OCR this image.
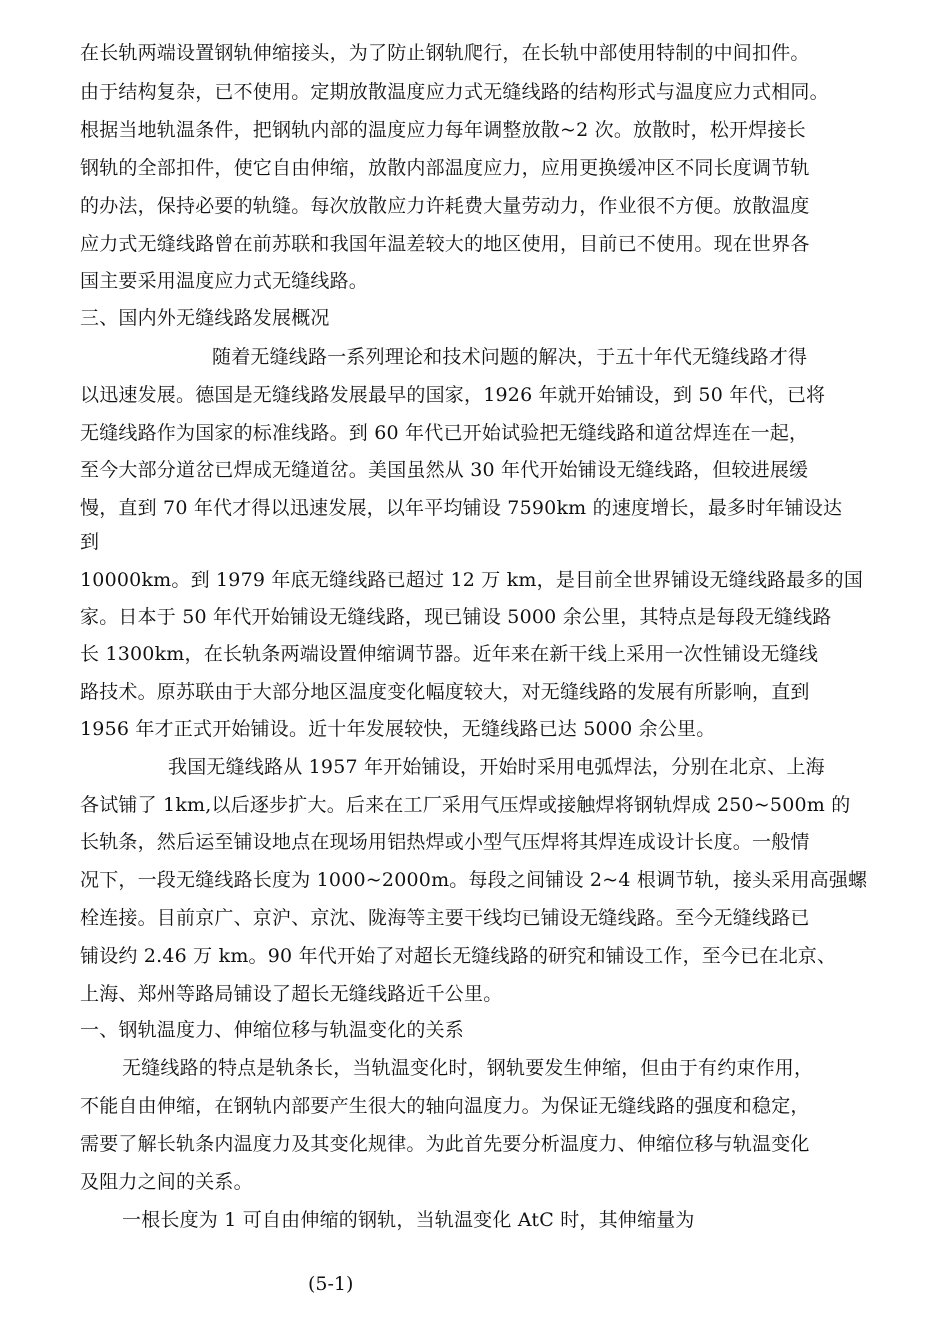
在长轨两端设置钢轨伸缩接头，为了防止钢轨爬行，在长轨中部使用特制的中间扣件。
由于结构复杂，已不使用。定期放散温度应力式无缝线路的结构形式与温度应力式相同。
根据当地轨温条件，把钢轨内部的温度应力每年调整放散~2 次。放散时，松开焊接长
钢轨的全部扣件，使它自由伸缩，放散内部温度应力，应用更换缓冲区不同长度调节轨
的办法，保持必要的轨缝。每次放散应力许耗费大量劳动力，作业很不方便。放散温度
应力式无缝线路曾在前苏联和我国年温差较大的地区使用，目前已不使用。现在世界各
国主要采用温度应力式无缝线路。
三、国内外无缝线路发展概况
随着无缝线路一系列理论和技术问题的解决，于五十年代无缝线路才得
以迅速发展。德国是无缝线路发展最早的国家，1926 年就开始铺设，到 50 年代，已将
无缝线路作为国家的标准线路。到 60 年代已开始试验把无缝线路和道岔焊连在一起，
至今大部分道岔已焊成无缝道岔。美国虽然从 30 年代开始铺设无缝线路，但较进展缓
慢，直到 70 年代才得以迅速发展，以年平均铺设 7590km 的速度增长，最多时年铺设达
到
10000km。到 1979 年底无缝线路已超过 12 万 km，是目前全世界铺设无缝线路最多的国
家。日本于 50 年代开始铺设无缝线路，现已铺设 5000 余公里，其特点是每段无缝线路
长 1300km，在长轨条两端设置伸缩调节器。近年来在新干线上采用一次性铺设无缝线
路技术。原苏联由于大部分地区温度变化幅度较大，对无缝线路的发展有所影响，直到
1956 年才正式开始铺设。近十年发展较快，无缝线路已达 5000 余公里。
我国无缝线路从 1957 年开始铺设，开始时采用电弧焊法，分别在北京、上海
各试铺了 1km,以后逐步扩大。后来在工厂采用气压焊或接触焊将钢轨焊成 250~500m 的
长轨条，然后运至铺设地点在现场用铝热焊或小型气压焊将其焊连成设计长度。一般情
况下，一段无缝线路长度为 1000~2000m。每段之间铺设 2~4 根调节轨，接头采用高强螺
栓连接。目前京广、京沪、京沈、陇海等主要干线均已铺设无缝线路。至今无缝线路已
铺设约 2.46 万 km。90 年代开始了对超长无缝线路的研究和铺设工作，至今已在北京、
上海、郑州等路局铺设了超长无缝线路近千公里。
一、钢轨温度力、伸缩位移与轨温变化的关系
无缝线路的特点是轨条长，当轨温变化时，钢轨要发生伸缩，但由于有约束作用，
不能自由伸缩，在钢轨内部要产生很大的轴向温度力。为保证无缝线路的强度和稳定，
需要了解长轨条内温度力及其变化规律。为此首先要分析温度力、伸缩位移与轨温变化
及阻力之间的关系。
一根长度为 1 可自由伸缩的钢轨，当轨温变化 AtC 时，其伸缩量为
(5-1)
